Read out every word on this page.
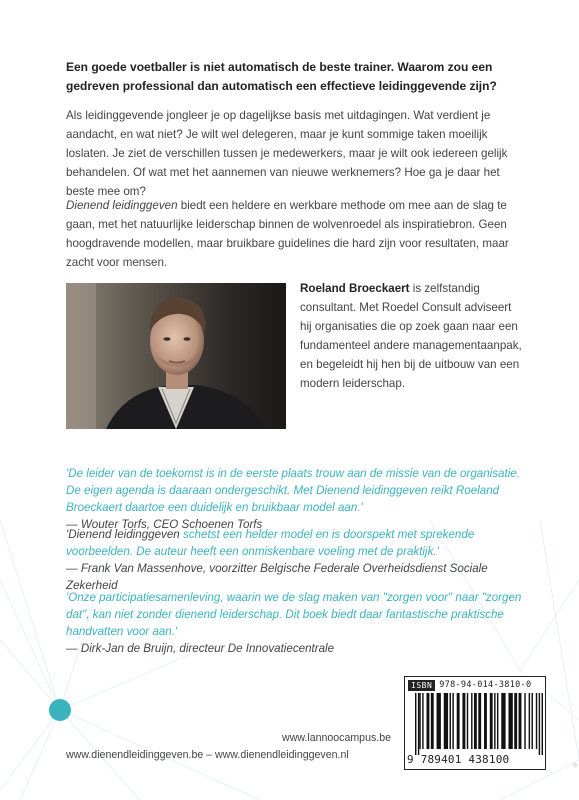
Een goede voetballer is niet automatisch de beste trainer. Waarom zou een gedreven professional dan automatisch een effectieve leidinggevende zijn?

Als leidinggevende jongleer je op dagelijkse basis met uitdagingen. Wat verdient je aandacht, en wat niet? Je wilt wel delegeren, maar je kunt sommige taken moeilijk loslaten. Je ziet de verschillen tussen je medewerkers, maar je wilt ook iedereen gelijk behandelen. Of wat met het aannemen van nieuwe werknemers? Hoe ga je daar het beste mee om?

Dienend leidinggeven biedt een heldere en werkbare methode om mee aan de slag te gaan, met het natuurlijke leiderschap binnen de wolvenroedel als inspiratiebron. Geen hoogdravende modellen, maar bruikbare guidelines die hard zijn voor resultaten, maar zacht voor mensen.

Roeland Broeckaert is zelfstandig consultant. Met Roedel Consult adviseert hij organisaties die op zoek gaan naar een fundamenteel andere managementaanpak, en begeleidt hij hen bij de uitbouw van een modern leiderschap.

'De leider van de toekomst is in de eerste plaats trouw aan de missie van de organisatie. De eigen agenda is daaraan ondergeschikt. Met Dienend leidinggeven reikt Roeland Broeckaert daartoe een duidelijk en bruikbaar model aan.'
— Wouter Torfs, CEO Schoenen Torfs

'Dienend leidinggeven schetst een helder model en is doorspekt met sprekende voorbeelden. De auteur heeft een onmiskenbare voeling met de praktijk.'
— Frank Van Massenhove, voorzitter Belgische Federale Overheidsdienst Sociale Zekerheid

'Onze participatiesamenleving, waarin we de slag maken van "zorgen voor" naar "zorgen dat", kan niet zonder dienend leiderschap. Dit boek biedt daar fantastische praktische handvatten voor aan.'
— Dirk-Jan de Bruijn, directeur De Innovatiecentrale

ISBN 978-94-014-3810-0
9 789401 438100

www.lannoocampus.be

www.dienendleidinggeven.be – www.dienendleidinggeven.nl
